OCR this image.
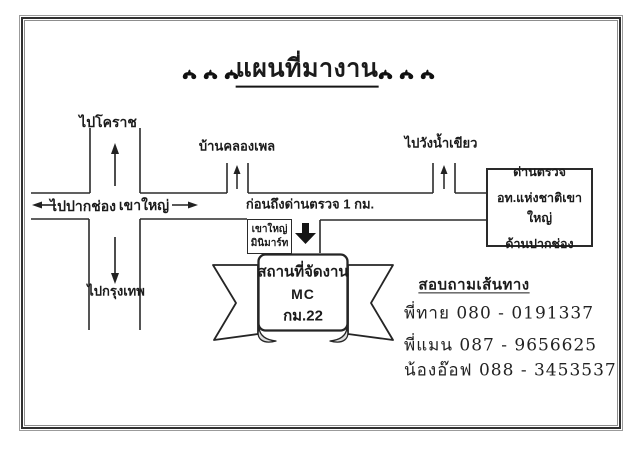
แผนที่มางาน
ไปโคราช
บ้านคลองเพล	ไปวังน้ำเขียว
ไปปากช่อง เขาใหญ่	ก่อนถึงด่านตรวจ 1 กม.
ไปกรุงเทพ
เขาใหญ่
มินิมาร์ท
ด่านตรวจ
อท.แห่งชาติเขาใหญ่
ด้านปากช่อง
สถานที่จัดงาน
MC
กม.22
สอบถามเส้นทาง
พี่ทาย 080 - 0191337
พี่แมน 087 - 9656625
น้องอ๊อฟ 088 - 3453537
